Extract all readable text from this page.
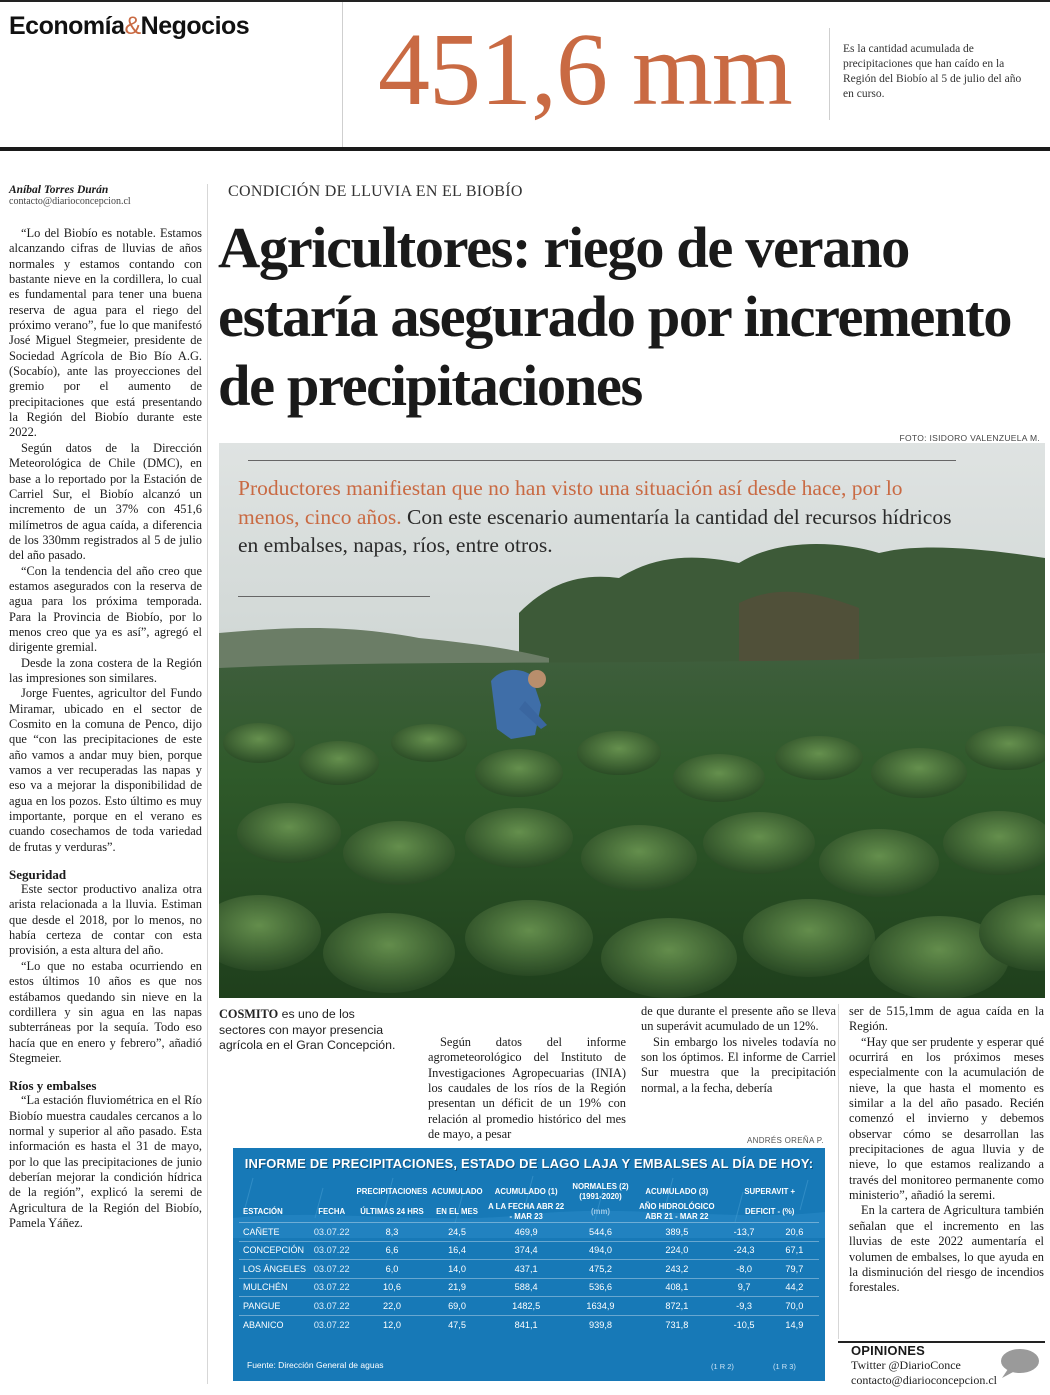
Economía&Negocios 451,6 mm	Es la cantidad acumulada de precipitaciones que han caído en la Región del Biobío al 5 de julio del año en curso.
Aníbal Torres Durán
contacto@diarioconcepcion.cl

“Lo del Biobío es notable. Estamos alcanzando cifras de lluvias de años normales y estamos contando con bastante nieve en la cordillera, lo cual es fundamental para tener una buena reserva de agua para el riego del próximo verano”, fue lo que manifestó José Miguel Stegmeier, presidente de Sociedad Agrícola de Bio Bío A.G. (Socabío), ante las proyecciones del gremio por el aumento de precipitaciones que está presentando la Región del Biobío durante este 2022.

Según datos de la Dirección Meteorológica de Chile (DMC), en base a lo reportado por la Estación de Carriel Sur, el Biobío alcanzó un incremento de un 37% con 451,6 milímetros de agua caída, a diferencia de los 330mm registrados al 5 de julio del año pasado.

“Con la tendencia del año creo que estamos asegurados con la reserva de agua para los próxima temporada. Para la Provincia de Biobío, por lo menos creo que ya es así”, agregó el dirigente gremial.

Desde la zona costera de la Región las impresiones son similares.

Jorge Fuentes, agricultor del Fundo Miramar, ubicado en el sector de Cosmito en la comuna de Penco, dijo que “con las precipitaciones de este año vamos a andar muy bien, porque vamos a ver recuperadas las napas y eso va a mejorar la disponibilidad de agua en los pozos. Esto último es muy importante, porque en el verano es cuando cosechamos de toda variedad de frutas y verduras”.

Seguridad

Este sector productivo analiza otra arista relacionada a la lluvia. Estiman que desde el 2018, por lo menos, no había certeza de contar con esta provisión, a esta altura del año.

“Lo que no estaba ocurriendo en estos últimos 10 años es que nos estábamos quedando sin nieve en la cordillera y sin agua en las napas subterráneas por la sequía. Todo eso hacía que en enero y febrero”, añadió Stegmeier.

Ríos y embalses

“La estación fluviométrica en el Río Biobío muestra caudales cercanos a lo normal y superior al año pasado. Esta información es hasta el 31 de mayo, por lo que las precipitaciones de junio deberían mejorar la condición hídrica de la región”, explicó la seremi de Agricultura de la Región del Biobío, Pamela Yáñez.

CONDICIÓN DE LLUVIA EN EL BIOBÍO
Agricultores: riego de verano estaría asegurado por incremento de precipitaciones
FOTO: ISIDORO VALENZUELA M.
Productores manifiestan que no han visto una situación así desde hace, por lo menos, cinco años. Con este escenario aumentaría la cantidad del recursos hídricos en embalses, napas, ríos, entre otros.
COSMITO es uno de los sectores con mayor presencia agrícola en el Gran Concepción.	Según datos del informe agrometeorológico del Instituto de Investigaciones Agropecuarias (INIA) los caudales de los ríos de la Región presentan un déficit de un 19% con relación al promedio histórico del mes de mayo, a pesar

de que durante el presente año se lleva un superávit acumulado de un 12%.

Sin embargo los niveles todavía no son los óptimos. El informe de Carriel Sur muestra que la precipitación normal, a la fecha, debería

ser de 515,1mm de agua caída en la Región.

“Hay que ser prudente y esperar qué ocurrirá en los próximos meses especialmente con la acumulación de nieve, la que hasta el momento es similar a la del año pasado. Recién comenzó el invierno y debemos observar cómo se desarrollan las precipitaciones de agua lluvia y de nieve, lo que estamos realizando a través del monitoreo permanente como ministerio”, añadió la seremi.

En la cartera de Agricultura también señalan que el incremento en las lluvias de este 2022 aumentaría el volumen de embalses, lo que ayuda en la disminución del riesgo de incendios forestales.

ANDRÉS OREÑA P.
INFORME DE PRECIPITACIONES, ESTADO DE LAGO LAJA Y EMBALSES AL DÍA DE HOY:
		PRECIPITACIONES	ACUMULADO	ACUMULADO (1)	NORMALES (2) (1991-2020)	ACUMULADO (3)	SUPERAVIT +	
ESTACIÓN	FECHA	ÚLTIMAS 24 HRS	EN EL MES	A LA FECHA ABR 22 - MAR 23	(mm)	AÑO HIDROLÓGICO ABR 21 - MAR 22	DEFICIT - (%)	
CAÑETE	03.07.22	8,3	24,5	469,9	544,6	389,5	-13,7	20,6
CONCEPCIÓN	03.07.22	6,6	16,4	374,4	494,0	224,0	-24,3	67,1
LOS ÁNGELES	03.07.22	6,0	14,0	437,1	475,2	243,2	-8,0	79,7
MULCHÉN	03.07.22	10,6	21,9	588,4	536,6	408,1	9,7	44,2
PANGUE	03.07.22	22,0	69,0	1482,5	1634,9	872,1	-9,3	70,0
ABANICO	03.07.22	12,0	47,5	841,1	939,8	731,8	-10,5	14,9
Fuente: Dirección General de aguas	(1 R 2)	(1 R 3)
OPINIONES
Twitter @DiarioConce
contacto@diarioconcepcion.cl
